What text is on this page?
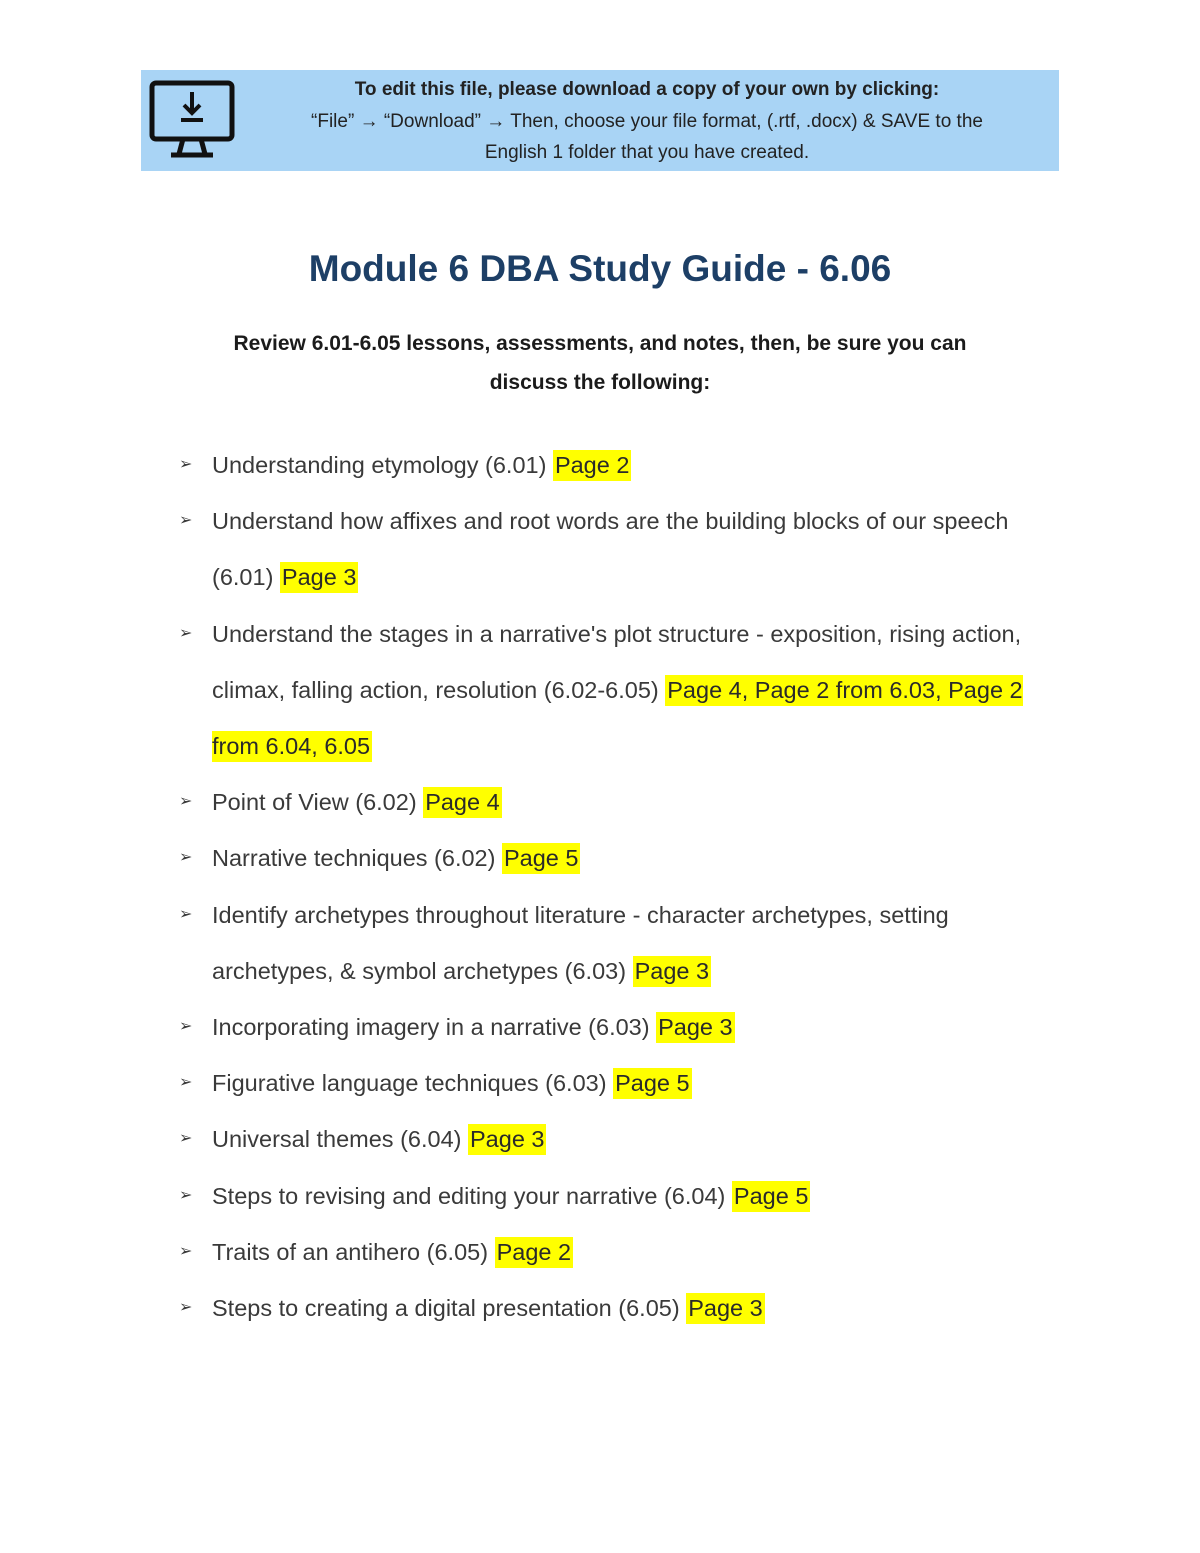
To edit this file, please download a copy of your own by clicking:
“File” → “Download” → Then, choose your file format, (.rtf, .docx) & SAVE to the
English 1 folder that you have created.
Module 6 DBA Study Guide - 6.06
Review 6.01-6.05 lessons, assessments, and notes, then, be sure you can
discuss the following:
➢ Understanding etymology (6.01) Page 2
➢ Understand how affixes and root words are the building blocks of our speech (6.01) Page 3
➢ Understand the stages in a narrative's plot structure - exposition, rising action, climax, falling action, resolution (6.02-6.05) Page 4, Page 2 from 6.03, Page 2 from 6.04, 6.05
➢ Point of View (6.02) Page 4
➢ Narrative techniques (6.02) Page 5
➢ Identify archetypes throughout literature - character archetypes, setting archetypes, & symbol archetypes (6.03) Page 3
➢ Incorporating imagery in a narrative (6.03) Page 3
➢ Figurative language techniques (6.03) Page 5
➢ Universal themes (6.04) Page 3
➢ Steps to revising and editing your narrative (6.04) Page 5
➢ Traits of an antihero (6.05) Page 2
➢ Steps to creating a digital presentation (6.05) Page 3
